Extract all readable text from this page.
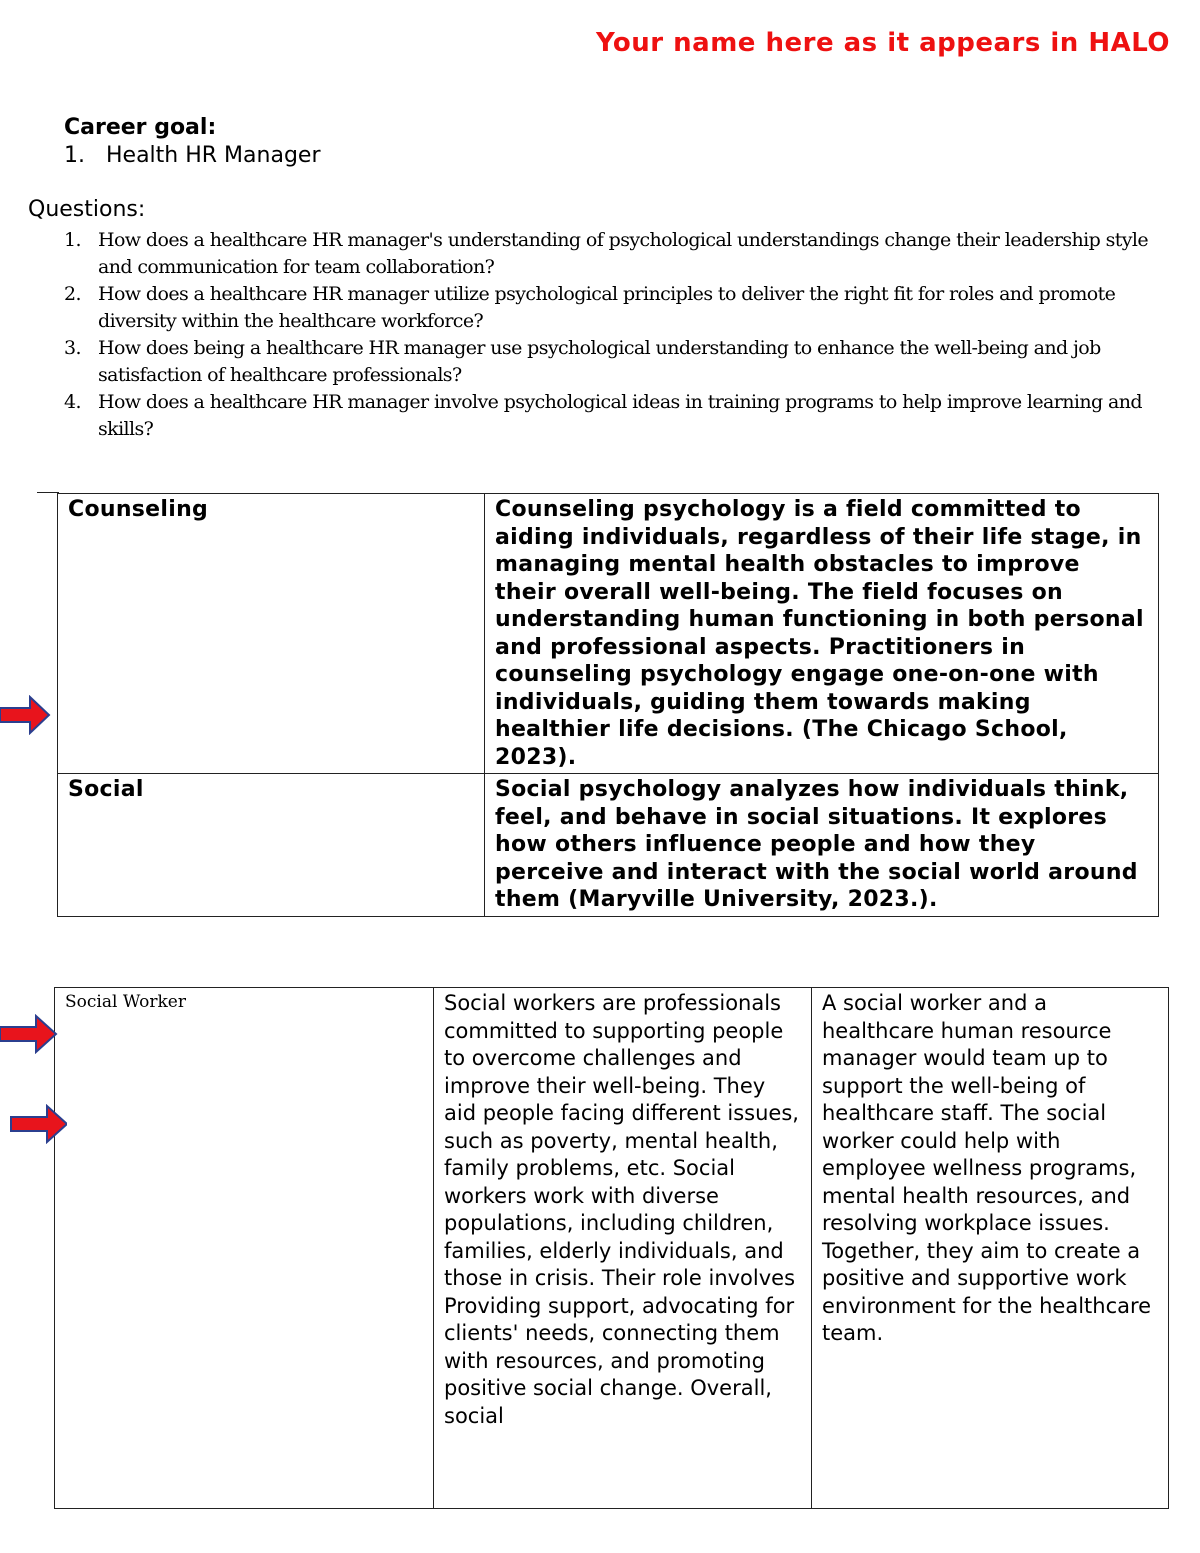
Your name here as it appears in HALO
Career goal:
1. Health HR Manager
Questions:
1. How does a healthcare HR manager's understanding of psychological understandings change their leadership style and communication for team collaboration?
2. How does a healthcare HR manager utilize psychological principles to deliver the right fit for roles and promote diversity within the healthcare workforce?
3. How does being a healthcare HR manager use psychological understanding to enhance the well-being and job satisfaction of healthcare professionals?
4. How does a healthcare HR manager involve psychological ideas in training programs to help improve learning and skills?
Counseling	Counseling psychology is a field committed to aiding individuals, regardless of their life stage, in managing mental health obstacles to improve their overall well-being. The field focuses on understanding human functioning in both personal and professional aspects. Practitioners in counseling psychology engage one-on-one with individuals, guiding them towards making healthier life decisions. (The Chicago School, 2023).
Social	Social psychology analyzes how individuals think, feel, and behave in social situations. It explores how others influence people and how they perceive and interact with the social world around them (Maryville University, 2023.).
Social Worker	Social workers are professionals committed to supporting people to overcome challenges and improve their well-being. They aid people facing different issues, such as poverty, mental health, family problems, etc. Social workers work with diverse populations, including children, families, elderly individuals, and those in crisis. Their role involves Providing support, advocating for clients' needs, connecting them with resources, and promoting positive social change. Overall, social	A social worker and a healthcare human resource manager would team up to support the well-being of healthcare staff. The social worker could help with employee wellness programs, mental health resources, and resolving workplace issues. Together, they aim to create a positive and supportive work environment for the healthcare team.
